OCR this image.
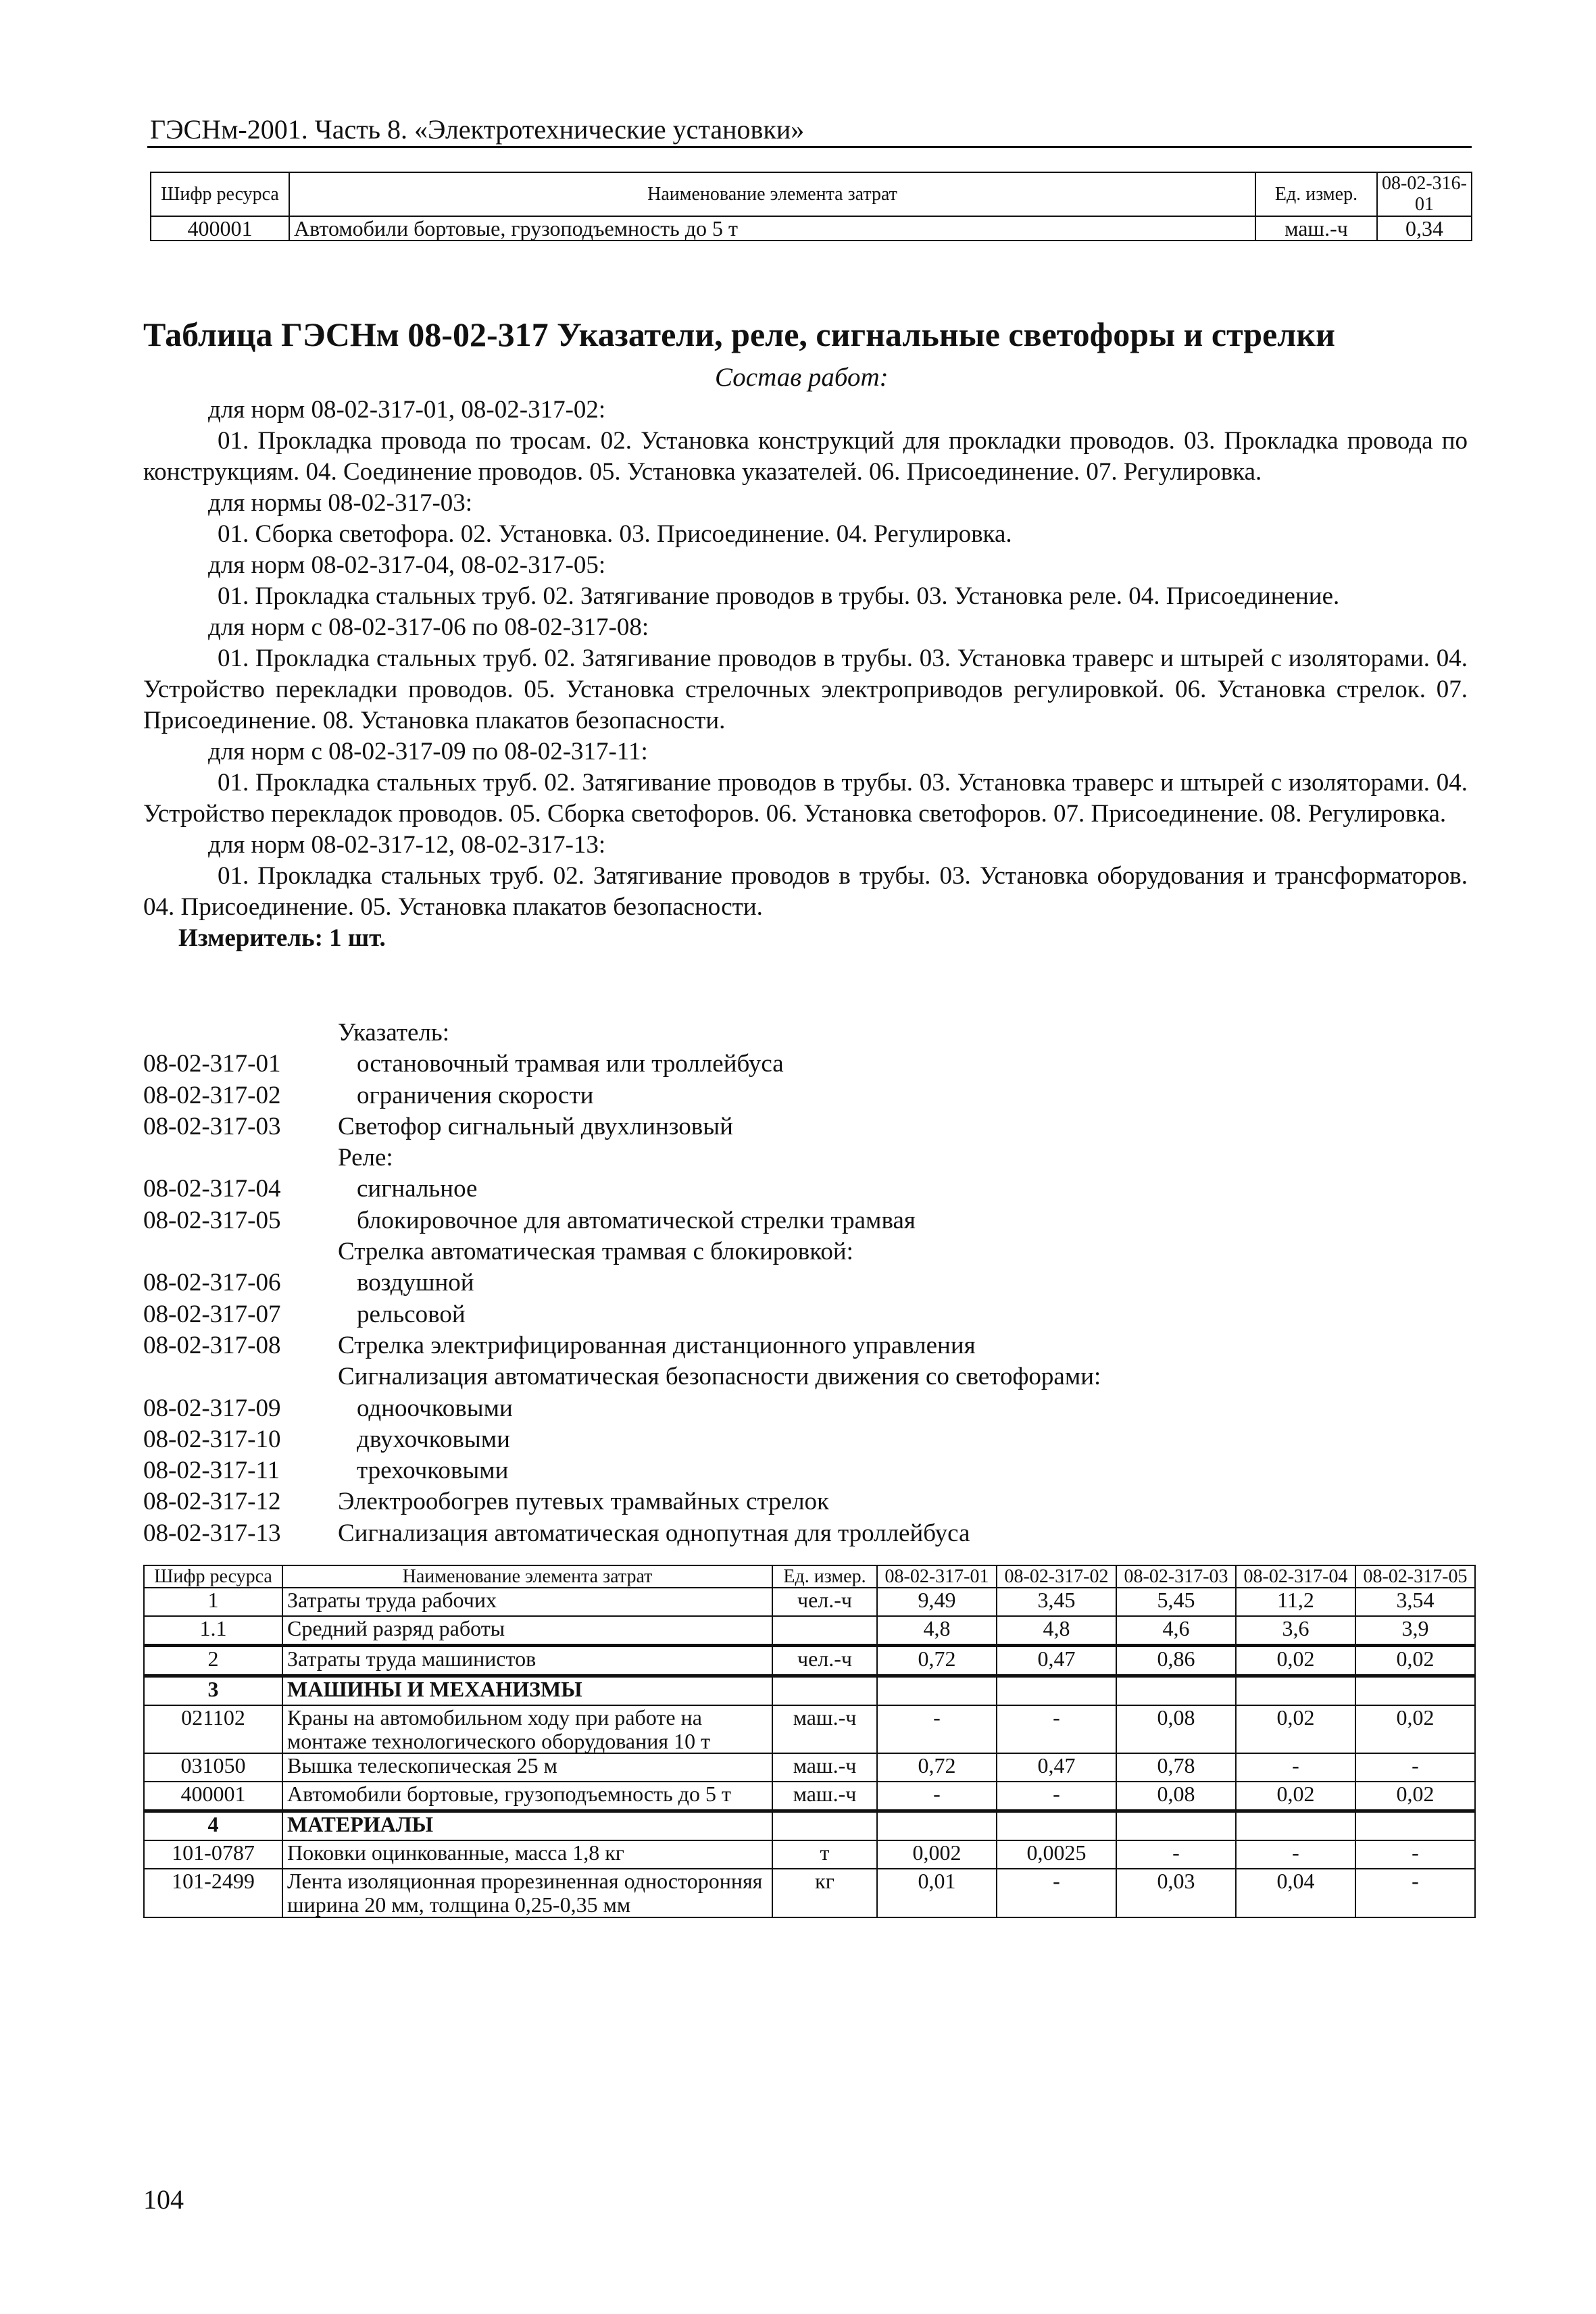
ГЭСНм-2001. Часть 8. «Электротехнические установки»
Шифр ресурса	Наименование элемента затрат	Ед. измер.	08-02-316-01
400001	Автомобили бортовые, грузоподъемность до 5 т	маш.-ч	0,34
Таблица ГЭСНм 08-02-317 Указатели, реле, сигнальные светофоры и стрелки
Состав работ:

для норм 08-02-317-01, 08-02-317-02:

01. Прокладка провода по тросам. 02. Установка конструкций для прокладки проводов. 03. Прокладка провода по конструкциям. 04. Соединение проводов. 05. Установка указателей. 06. Присоединение. 07. Регулировка.

для нормы 08-02-317-03:

01. Сборка светофора. 02. Установка. 03. Присоединение. 04. Регулировка.

для норм 08-02-317-04, 08-02-317-05:

01. Прокладка стальных труб. 02. Затягивание проводов в трубы. 03. Установка реле. 04. Присоединение.

для норм с 08-02-317-06 по 08-02-317-08:

01. Прокладка стальных труб. 02. Затягивание проводов в трубы. 03. Установка траверс и штырей с изоляторами. 04. Устройство перекладки проводов. 05. Установка стрелочных электроприводов регулировкой. 06. Установка стрелок. 07. Присоединение. 08. Установка плакатов безопасности.

для норм с 08-02-317-09 по 08-02-317-11:

01. Прокладка стальных труб. 02. Затягивание проводов в трубы. 03. Установка траверс и штырей с изоляторами. 04. Устройство перекладок проводов. 05. Сборка светофоров. 06. Установка светофоров. 07. Присоединение. 08. Регулировка.

для норм 08-02-317-12, 08-02-317-13:

01. Прокладка стальных труб. 02. Затягивание проводов в трубы. 03. Установка оборудования и трансформаторов. 04. Присоединение. 05. Установка плакатов безопасности.

Измеритель: 1 шт.

Указатель:
08-02-317-01	остановочный трамвая или троллейбуса
08-02-317-02	ограничения скорости
08-02-317-03	Светофор сигнальный двухлинзовый
Реле:
08-02-317-04	сигнальное
08-02-317-05	блокировочное для автоматической стрелки трамвая
Стрелка автоматическая трамвая с блокировкой:
08-02-317-06	воздушной
08-02-317-07	рельсовой
08-02-317-08	Стрелка электрифицированная дистанционного управления
Сигнализация автоматическая безопасности движения со светофорами:
08-02-317-09	одноочковыми
08-02-317-10	двухочковыми
08-02-317-11	трехочковыми
08-02-317-12	Электрообогрев путевых трамвайных стрелок
08-02-317-13	Сигнализация автоматическая однопутная для троллейбуса
Шифр ресурса	Наименование элемента затрат	Ед. измер.	08-02-317-01	08-02-317-02	08-02-317-03	08-02-317-04	08-02-317-05
1	Затраты труда рабочих	чел.-ч	9,49	3,45	5,45	11,2	3,54
1.1	Средний разряд работы		4,8	4,8	4,6	3,6	3,9
2	Затраты труда машинистов	чел.-ч	0,72	0,47	0,86	0,02	0,02
3	МАШИНЫ И МЕХАНИЗМЫ						
021102	Краны на автомобильном ходу при работе на монтаже технологического оборудования 10 т	маш.-ч	-	-	0,08	0,02	0,02
031050	Вышка телескопическая 25 м	маш.-ч	0,72	0,47	0,78	-	-
400001	Автомобили бортовые, грузоподъемность до 5 т	маш.-ч	-	-	0,08	0,02	0,02
4	МАТЕРИАЛЫ						
101-0787	Поковки оцинкованные, масса 1,8 кг	т	0,002	0,0025	-	-	-
101-2499	Лента изоляционная прорезиненная односторонняя ширина 20 мм, толщина 0,25-0,35 мм	кг	0,01	-	0,03	0,04	-
104
